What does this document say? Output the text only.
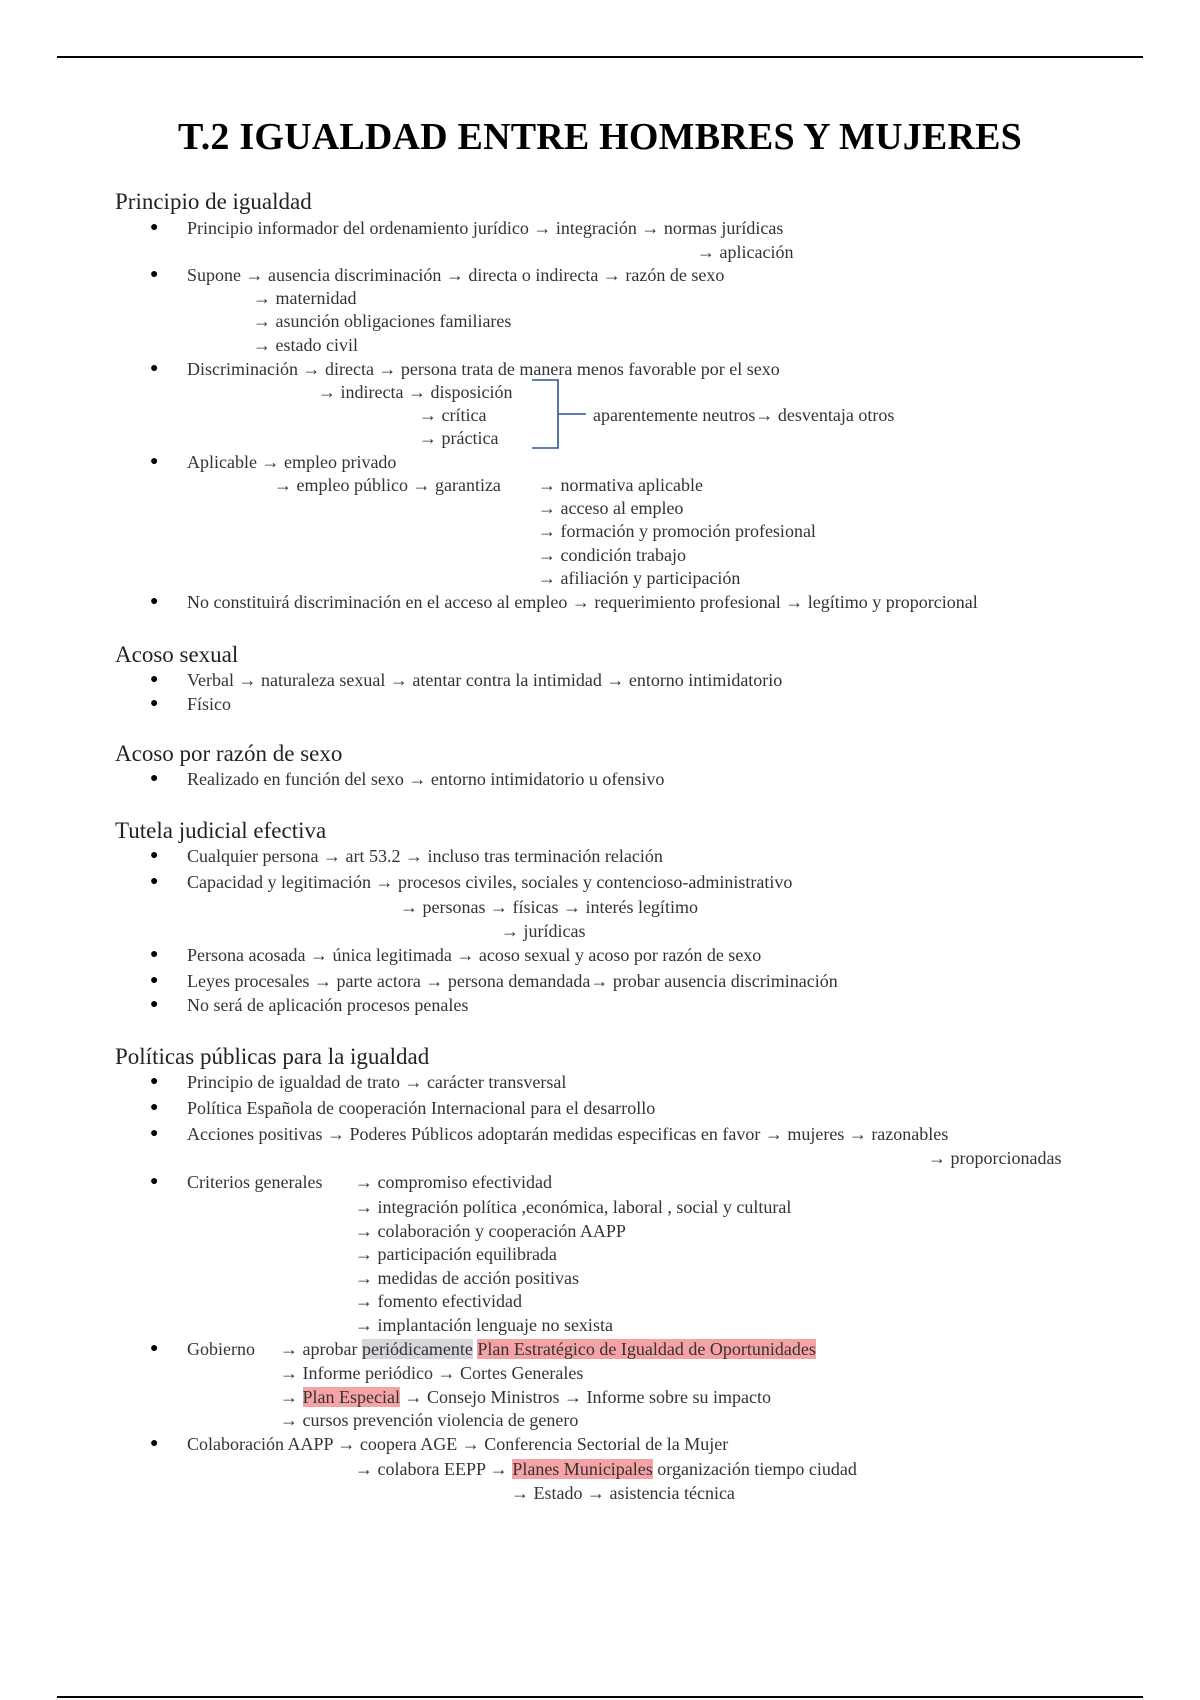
T.2 IGUALDAD ENTRE HOMBRES Y MUJERES
Principio de igualdad
● Principio informador del ordenamiento jurídico → integración → normas jurídicas
→ aplicación
● Supone → ausencia discriminación → directa o indirecta → razón de sexo
→ maternidad
→ asunción obligaciones familiares
→ estado civil
● Discriminación → directa → persona trata de manera menos favorable por el sexo
→ indirecta → disposición
→ crítica
→ práctica
aparentemente neutros→ desventaja otros
● Aplicable → empleo privado
→ empleo público → garantiza → normativa aplicable
→ acceso al empleo
→ formación y promoción profesional
→ condición trabajo
→ afiliación y participación
● No constituirá discriminación en el acceso al empleo → requerimiento profesional → legítimo y proporcional
Acoso sexual
● Verbal → naturaleza sexual → atentar contra la intimidad → entorno intimidatorio
● Físico
Acoso por razón de sexo
● Realizado en función del sexo → entorno intimidatorio u ofensivo
Tutela judicial efectiva
● Cualquier persona → art 53.2 → incluso tras terminación relación
● Capacidad y legitimación → procesos civiles, sociales y contencioso-administrativo
→ personas → físicas → interés legítimo
→ jurídicas
● Persona acosada → única legitimada → acoso sexual y acoso por razón de sexo
● Leyes procesales → parte actora → persona demandada→ probar ausencia discriminación
● No será de aplicación procesos penales
Políticas públicas para la igualdad
● Principio de igualdad de trato → carácter transversal
● Política Española de cooperación Internacional para el desarrollo
● Acciones positivas → Poderes Públicos adoptarán medidas especificas en favor → mujeres → razonables
→ proporcionadas
● Criterios generales → compromiso efectividad
→ integración política ,económica, laboral , social y cultural
→ colaboración y cooperación AAPP
→ participación equilibrada
→ medidas de acción positivas
→ fomento efectividad
→ implantación lenguaje no sexista
● Gobierno → aprobar periódicamente Plan Estratégico de Igualdad de Oportunidades
→ Informe periódico → Cortes Generales
→ Plan Especial → Consejo Ministros → Informe sobre su impacto
→ cursos prevención violencia de genero
● Colaboración AAPP → coopera AGE → Conferencia Sectorial de la Mujer
→ colabora EEPP → Planes Municipales organización tiempo ciudad
→ Estado → asistencia técnica
